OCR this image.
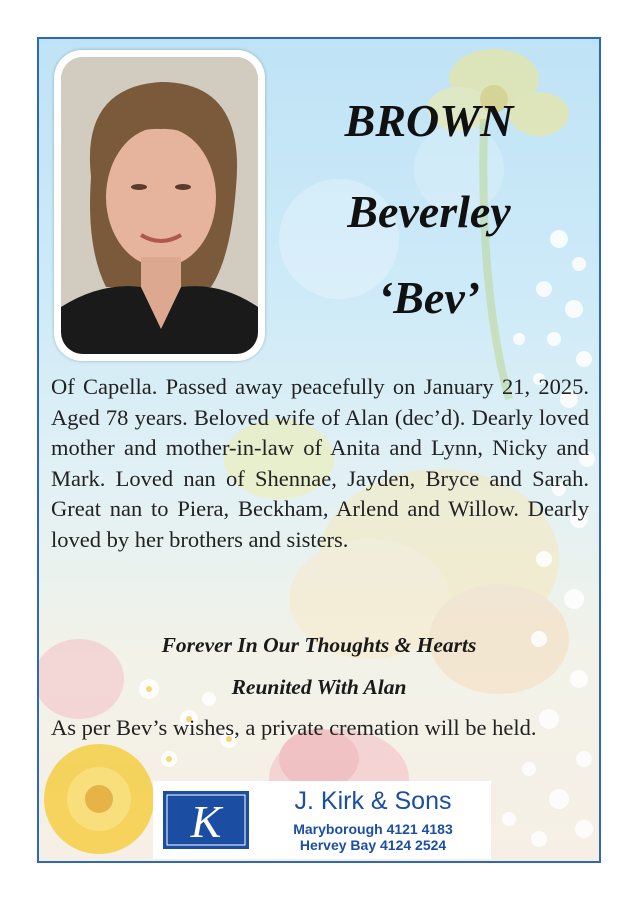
BROWN
Beverley
‘Bev’

Of Capella. Passed away peacefully on January 21, 2025. Aged 78 years. Beloved wife of Alan (dec’d). Dearly loved mother and mother-in-law of Anita and Lynn, Nicky and Mark. Loved nan of Shennae, Jayden, Bryce and Sarah. Great nan to Piera, Beckham, Arlend and Willow. Dearly loved by her brothers and sisters.

Forever In Our Thoughts & Hearts
Reunited With Alan

As per Bev’s wishes, a private cremation will be held.

K	J. Kirk & Sons
Maryborough 4121 4183
Hervey Bay 4124 2524
